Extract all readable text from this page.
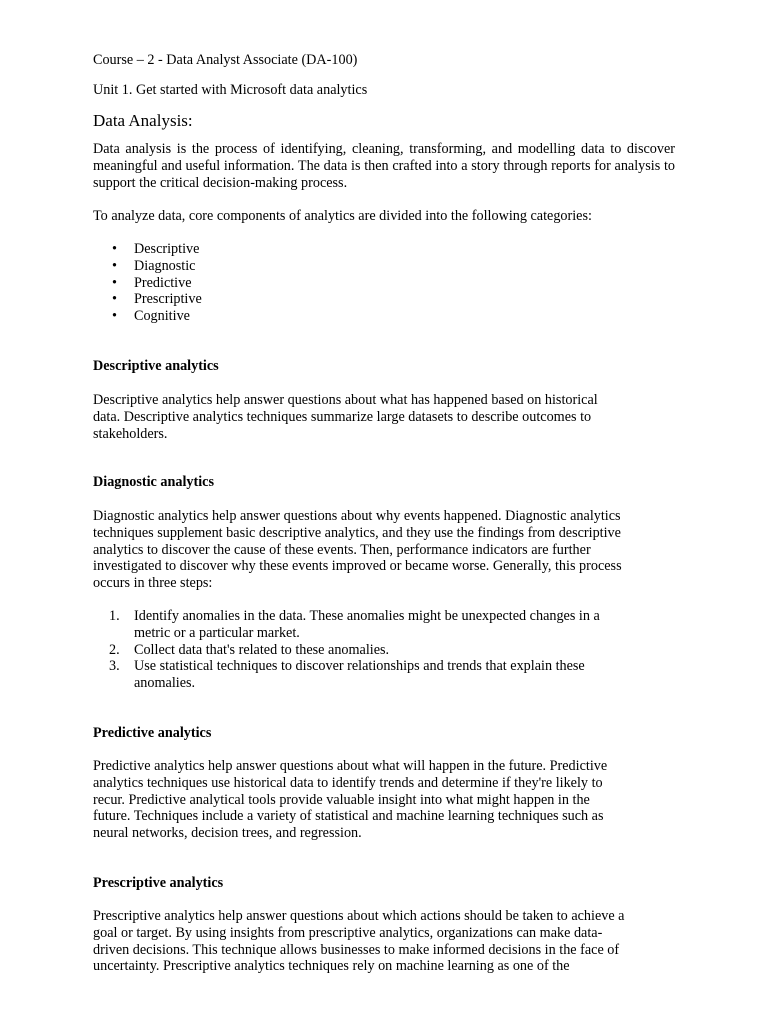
Course – 2 - Data Analyst Associate (DA-100)

Unit 1. Get started with Microsoft data analytics

Data Analysis:

Data analysis is the process of identifying, cleaning, transforming, and modelling data to discover meaningful and useful information. The data is then crafted into a story through reports for analysis to support the critical decision-making process.

To analyze data, core components of analytics are divided into the following categories:

• Descriptive
• Diagnostic
• Predictive
• Prescriptive
• Cognitive

Descriptive analytics

Descriptive analytics help answer questions about what has happened based on historical
data. Descriptive analytics techniques summarize large datasets to describe outcomes to
stakeholders.

Diagnostic analytics

Diagnostic analytics help answer questions about why events happened. Diagnostic analytics
techniques supplement basic descriptive analytics, and they use the findings from descriptive
analytics to discover the cause of these events. Then, performance indicators are further
investigated to discover why these events improved or became worse. Generally, this process
occurs in three steps:
1. Identify anomalies in the data. These anomalies might be unexpected changes in a
metric or a particular market.
2. Collect data that's related to these anomalies.
3. Use statistical techniques to discover relationships and trends that explain these
anomalies.

Predictive analytics

Predictive analytics help answer questions about what will happen in the future. Predictive
analytics techniques use historical data to identify trends and determine if they're likely to
recur. Predictive analytical tools provide valuable insight into what might happen in the
future. Techniques include a variety of statistical and machine learning techniques such as
neural networks, decision trees, and regression.

Prescriptive analytics

Prescriptive analytics help answer questions about which actions should be taken to achieve a
goal or target. By using insights from prescriptive analytics, organizations can make data-
driven decisions. This technique allows businesses to make informed decisions in the face of
uncertainty. Prescriptive analytics techniques rely on machine learning as one of the
